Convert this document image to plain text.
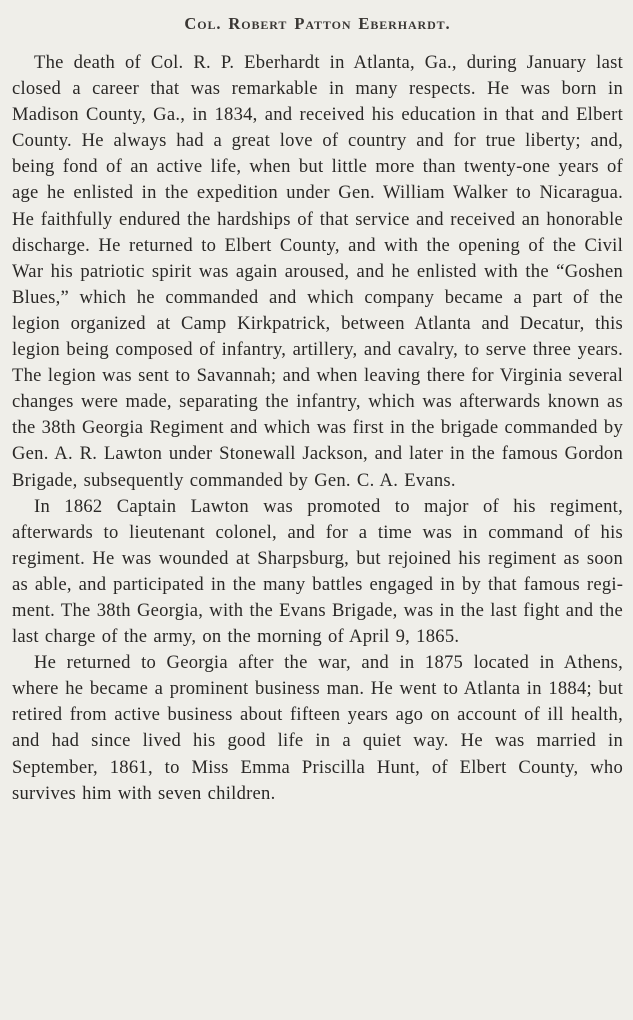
Col. Robert Patton Eberhardt.

The death of Col. R. P. Eberhardt in Atlanta, Ga., during January last closed a career that was remarkable in many respects. He was born in Madison County, Ga., in 1834, and received his education in that and Elbert County. He always had a great love of country and for true liberty; and, being fond of an active life, when but little more than twenty-one years of age he enlisted in the expedition under Gen. William Walker to Nicaragua. He faithfully endured the hardships of that service and received an honorable discharge. He returned to Elbert County, and with the opening of the Civil War his patriotic spirit was again aroused, and he enlisted with the “Goshen Blues,” which he commanded and which company became a part of the legion organized at Camp Kirkpatrick, between Atlanta and Decatur, this legion being composed of infantry, artillery, and cavalry, to serve three years. The legion was sent to Savannah; and when leaving there for Virginia several changes were made, separating the infantry, which was afterwards known as the 38th Georgia Regiment and which was first in the brigade commanded by Gen. A. R. Lawton under Stonewall Jackson, and later in the famous Gordon Brigade, subsequently commanded by Gen. C. A. Evans.

In 1862 Captain Lawton was promoted to major of his regiment, afterwards to lieutenant colonel, and for a time was in command of his regiment. He was wounded at Sharpsburg, but rejoined his regiment as soon as able, and participated in the many battles engaged in by that famous regiment. The 38th Georgia, with the Evans Brigade, was in the last fight and the last charge of the army, on the morning of April 9, 1865.

He returned to Georgia after the war, and in 1875 located in Athens, where he became a prominent business man. He went to Atlanta in 1884; but retired from active business about fifteen years ago on account of ill health, and had since lived his good life in a quiet way. He was married in September, 1861, to Miss Emma Priscilla Hunt, of Elbert County, who survives him with seven children.
